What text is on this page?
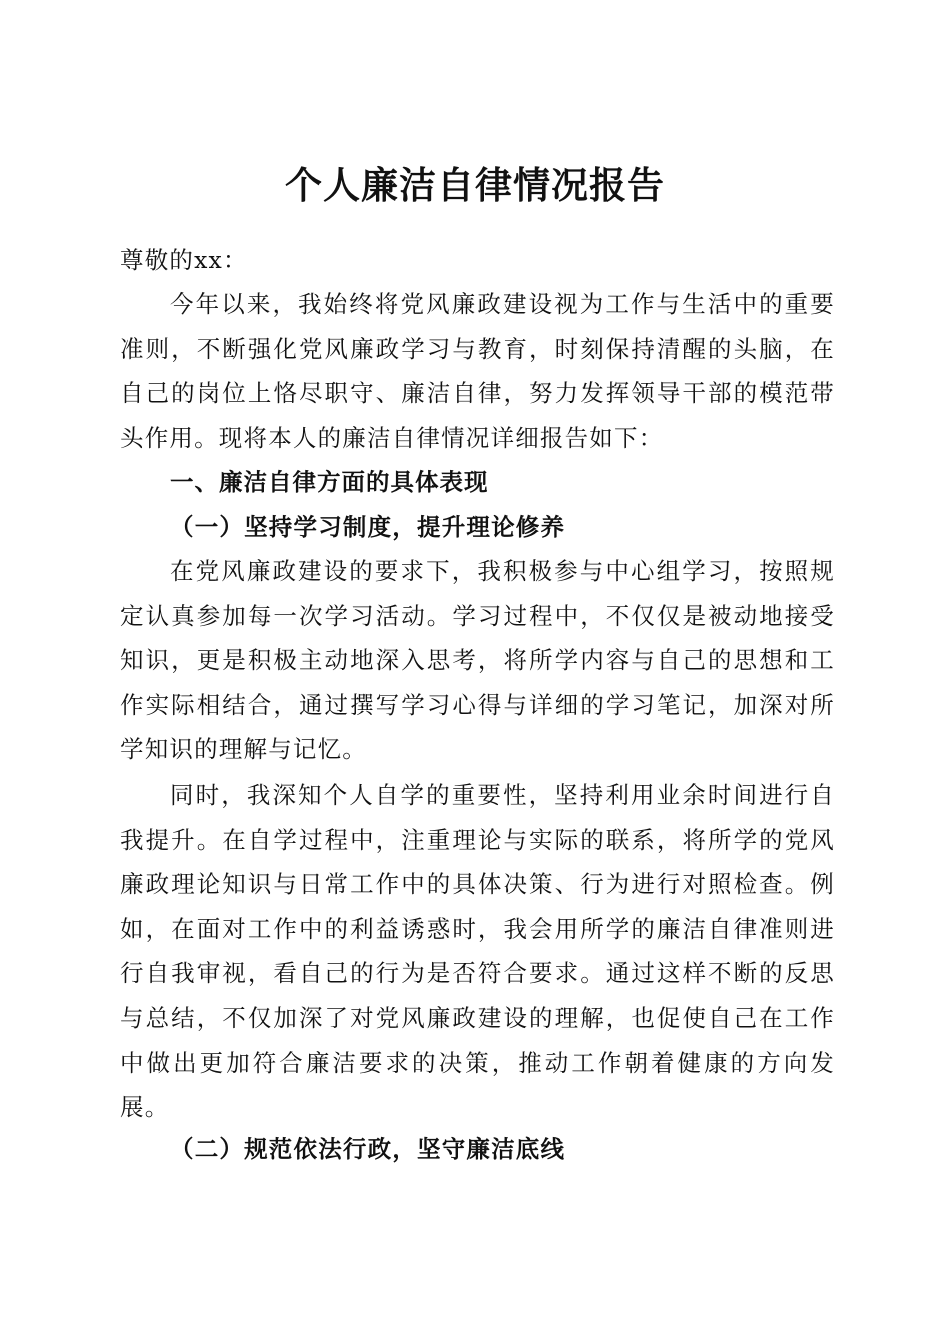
个人廉洁自律情况报告

尊敬的xx：

今年以来，我始终将党风廉政建设视为工作与生活中的重要准则，不断强化党风廉政学习与教育，时刻保持清醒的头脑，在自己的岗位上恪尽职守、廉洁自律，努力发挥领导干部的模范带头作用。现将本人的廉洁自律情况详细报告如下：

一、廉洁自律方面的具体表现
（一）坚持学习制度，提升理论修养

在党风廉政建设的要求下，我积极参与中心组学习，按照规定认真参加每一次学习活动。学习过程中，不仅仅是被动地接受知识，更是积极主动地深入思考，将所学内容与自己的思想和工作实际相结合，通过撰写学习心得与详细的学习笔记，加深对所学知识的理解与记忆。

同时，我深知个人自学的重要性，坚持利用业余时间进行自我提升。在自学过程中，注重理论与实际的联系，将所学的党风廉政理论知识与日常工作中的具体决策、行为进行对照检查。例如，在面对工作中的利益诱惑时，我会用所学的廉洁自律准则进行自我审视，看自己的行为是否符合要求。通过这样不断的反思与总结，不仅加深了对党风廉政建设的理解，也促使自己在工作中做出更加符合廉洁要求的决策，推动工作朝着健康的方向发展。

（二）规范依法行政，坚守廉洁底线
